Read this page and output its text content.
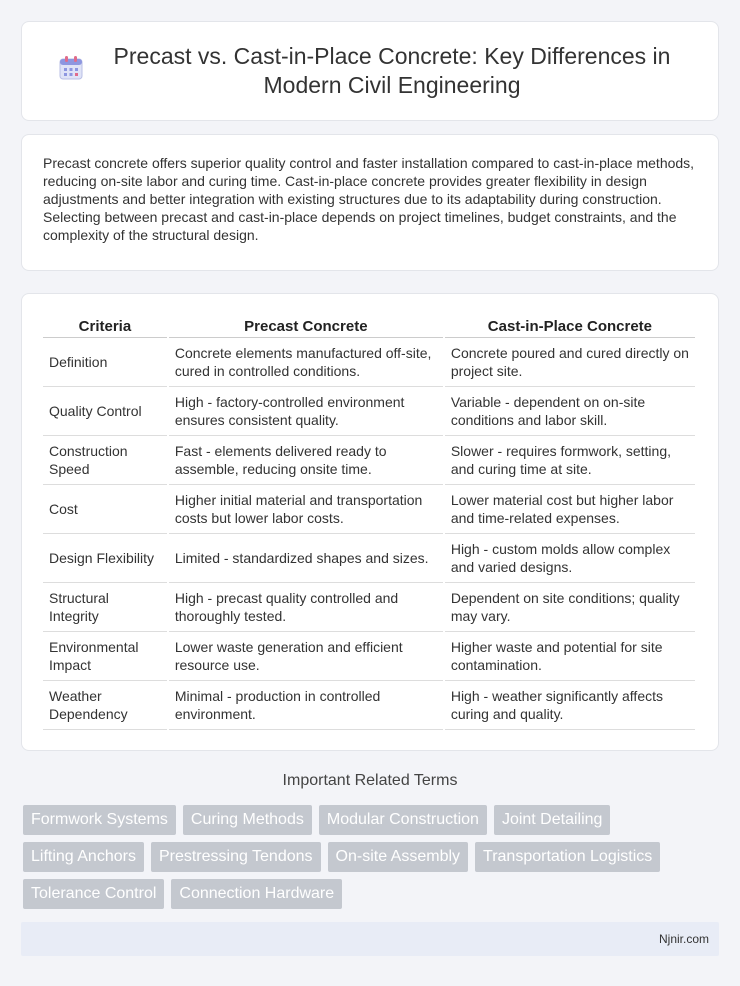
Precast vs. Cast-in-Place Concrete: Key Differences in Modern Civil Engineering

Precast concrete offers superior quality control and faster installation compared to cast-in-place methods, reducing on-site labor and curing time. Cast-in-place concrete provides greater flexibility in design adjustments and better integration with existing structures due to its adaptability during construction. Selecting between precast and cast-in-place depends on project timelines, budget constraints, and the complexity of the structural design.

Criteria	Precast Concrete	Cast-in-Place Concrete
Definition	Concrete elements manufactured off-site, cured in controlled conditions.	Concrete poured and cured directly on project site.
Quality Control	High - factory-controlled environment ensures consistent quality.	Variable - dependent on on-site conditions and labor skill.
Construction Speed	Fast - elements delivered ready to assemble, reducing onsite time.	Slower - requires formwork, setting, and curing time at site.
Cost	Higher initial material and transportation costs but lower labor costs.	Lower material cost but higher labor and time-related expenses.
Design Flexibility	Limited - standardized shapes and sizes.	High - custom molds allow complex and varied designs.
Structural Integrity	High - precast quality controlled and thoroughly tested.	Dependent on site conditions; quality may vary.
Environmental Impact	Lower waste generation and efficient resource use.	Higher waste and potential for site contamination.
Weather Dependency	Minimal - production in controlled environment.	High - weather significantly affects curing and quality.
Important Related Terms
Formwork Systems	Curing Methods	Modular Construction	Joint Detailing
Lifting Anchors	Prestressing Tendons	On-site Assembly	Transportation Logistics
Tolerance Control	Connection Hardware
Njnir.com
